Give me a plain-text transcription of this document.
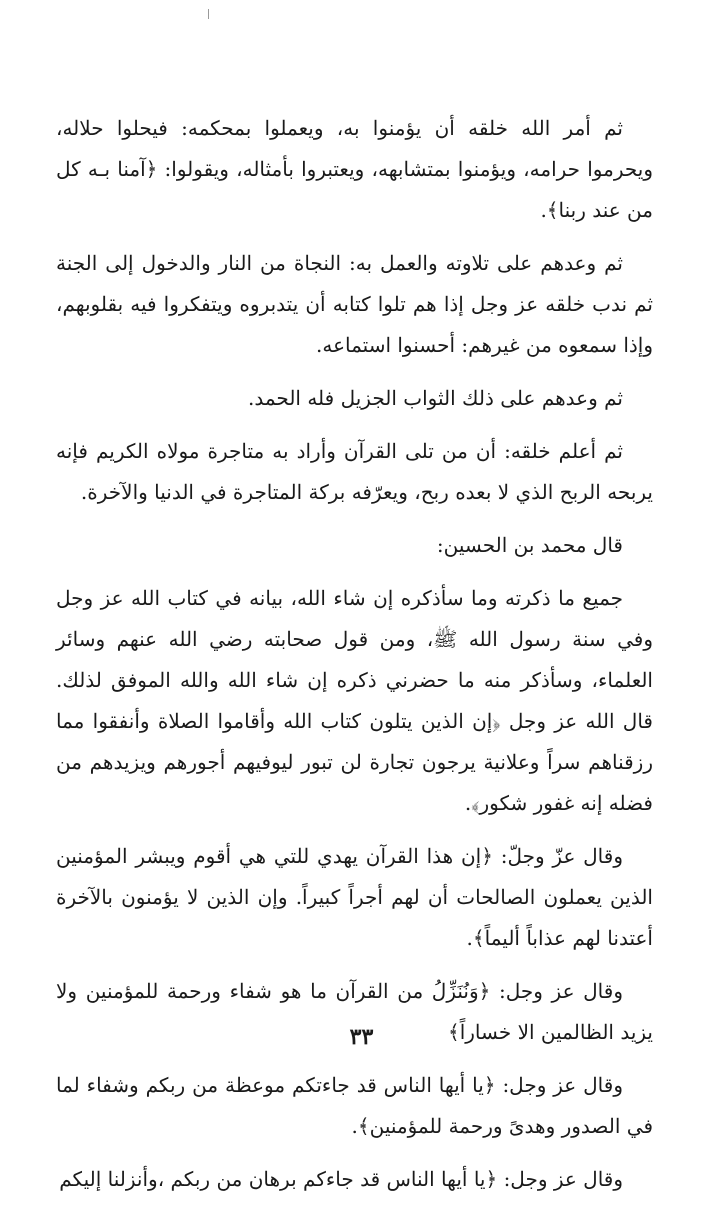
ثم أمر الله خلقه أن يؤمنوا به، ويعملوا بمحكمه: فيحلوا حلاله، ويحرموا حرامه، ويؤمنوا بمتشابهه، ويعتبروا بأمثاله، ويقولوا: ﴿آمنا بـه كل من عند ربنا﴾.

ثم وعدهم على تلاوته والعمل به: النجاة من النار والدخول إلى الجنة ثم ندب خلقه عز وجل إذا هم تلوا كتابه أن يتدبروه ويتفكروا فيه بقلوبهم، وإذا سمعوه من غيرهم: أحسنوا استماعه.

ثم وعدهم على ذلك الثواب الجزيل فله الحمد.

ثم أعلم خلقه: أن من تلى القرآن وأراد به متاجرة مولاه الكريم فإنه يربحه الربح الذي لا بعده ربح، ويعرّفه بركة المتاجرة في الدنيا والآخرة.

قال محمد بن الحسين:

جميع ما ذكرته وما سأذكره إن شاء الله، بيانه في كتاب الله عز وجل وفي سنة رسول الله ﷺ، ومن قول صحابته رضي الله عنهم وسائر العلماء، وسأذكر منه ما حضرني ذكره إن شاء الله والله الموفق لذلك. قال الله عز وجل ﴿إن الذين يتلون كتاب الله وأقاموا الصلاة وأنفقوا مما رزقناهم سراً وعلانية يرجون تجارة لن تبور ليوفيهم أجورهم ويزيدهم من فضله إنه غفور شكور﴾.

وقال عزّ وجلّ: ﴿إن هذا القرآن يهدي للتي هي أقوم ويبشر المؤمنين الذين يعملون الصالحات أن لهم أجراً كبيراً. وإن الذين لا يؤمنون بالآخرة أعتدنا لهم عذاباً أليماً﴾.

وقال عز وجل: ﴿وَنُنَزِّلُ من القرآن ما هو شفاء ورحمة للمؤمنين ولا يزيد الظالمين الا خساراً﴾

وقال عز وجل: ﴿يا أيها الناس قد جاءتكم موعظة من ربكم وشفاء لما في الصدور وهدىً ورحمة للمؤمنين﴾.

وقال عز وجل: ﴿يا أيها الناس قد جاءكم برهان من ربكم ،وأنزلنا إليكم

٣٣
